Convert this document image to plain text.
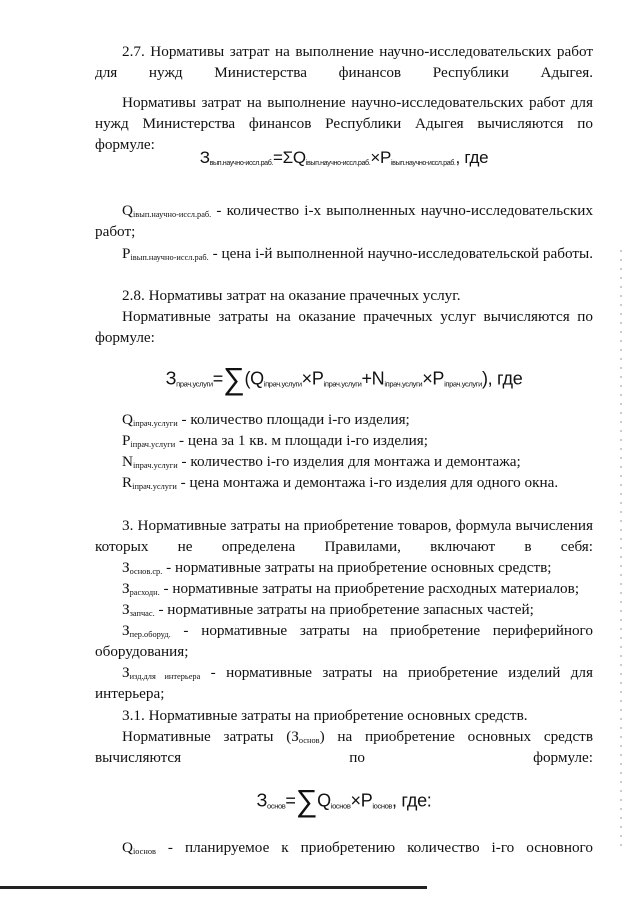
2.7. Нормативы затрат на выполнение научно-исследовательских работ для нужд Министерства финансов Республики Адыгея.

Нормативы затрат на выполнение научно-исследовательских работ для нужд Министерства финансов Республики Адыгея вычисляются по формуле:

$З_{вып.научно-иссл.раб.}=\Sigma Q_{iвып.научно-иссл.раб.}\times P_{iвып.научно-иссл.раб.}$, где

$Q_{iвып.научно-иссл.раб.}$ - количество i-х выполненных научно-исследовательских работ;

$P_{iвып.научно-иссл.раб.}$ - цена i-й выполненной научно-исследовательской работы.

2.8. Нормативы затрат на оказание прачечных услуг.

Нормативные затраты на оказание прачечных услуг вычисляются по формуле:

$З_{прач.услуги}=\sum(Q_{iпрач.услуги}\times P_{iпрач.услуги}+N_{iпрач.услуги}\times P_{iпрач.услуги})$, где

$Q_{iпрач.услуги}$ - количество площади i-го изделия;

$P_{iпрач.услуги}$ - цена за 1 кв. м площади i-го изделия;

$N_{iпрач.услуги}$ - количество i-го изделия для монтажа и демонтажа;

$R_{iпрач.услуги}$ - цена монтажа и демонтажа i-го изделия для одного окна.

3. Нормативные затраты на приобретение товаров, формула вычисления которых не определена Правилами, включают в себя:

$З_{основ.ср.}$ - нормативные затраты на приобретение основных средств;

$З_{расходн.}$ - нормативные затраты на приобретение расходных материалов;

$З_{запчас.}$ - нормативные затраты на приобретение запасных частей;

$З_{пер.оборуд.}$ - нормативные затраты на приобретение периферийного оборудования;

$З_{изд.для интерьера}$ - нормативные затраты на приобретение изделий для интерьера;

3.1. Нормативные затраты на приобретение основных средств.

Нормативные затраты $(З_{основ})$ на приобретение основных средств вычисляются по формуле:

$З_{основ}=\sum Q_{iоснов}\times P_{iоснов}$, где:

$Q_{iоснов}$ - планируемое к приобретению количество i-го основного
